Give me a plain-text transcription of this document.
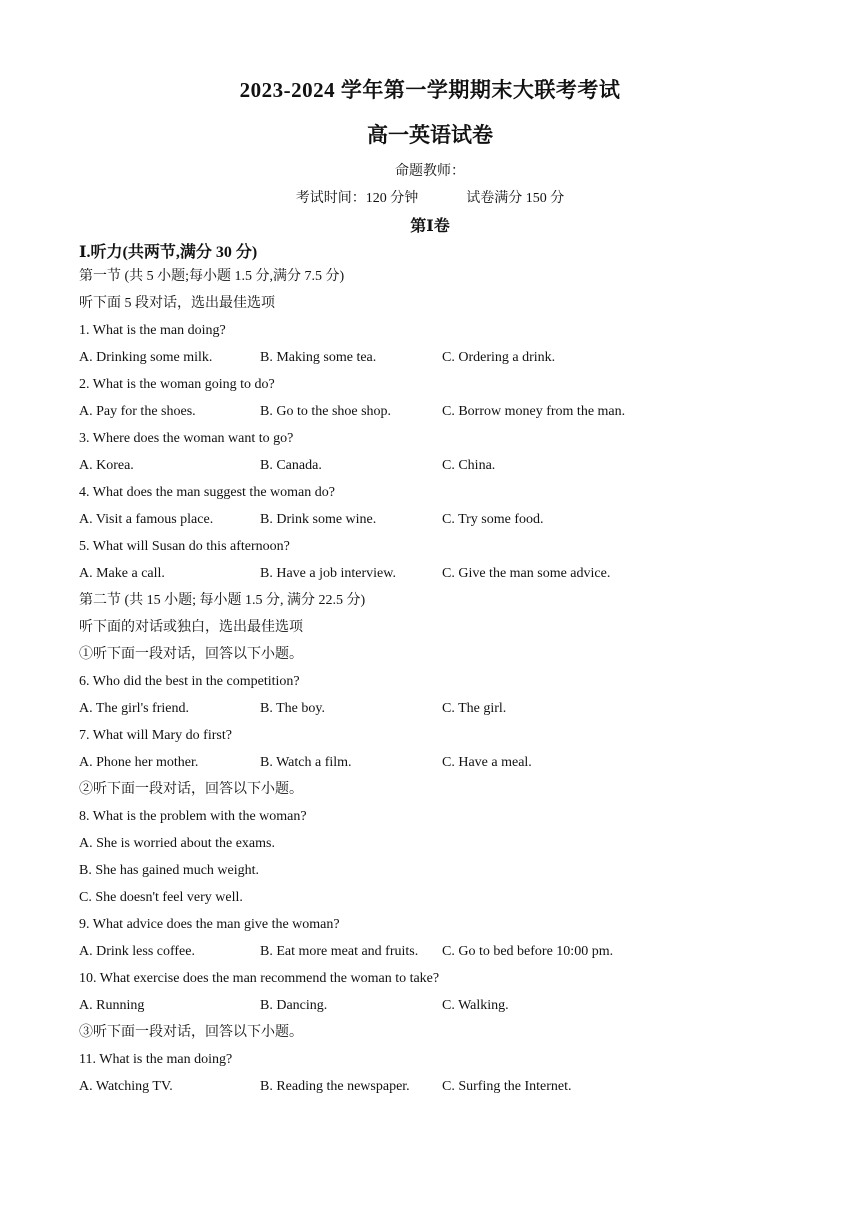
2023-2024 学年第一学期期末大联考考试
高一英语试卷
命题教师：
考试时间：120 分钟	试卷满分 150 分
第Ⅰ卷
Ⅰ.听力(共两节,满分 30 分)
第一节 (共 5 小题;每小题 1.5 分,满分 7.5 分)
听下面 5 段对话，选出最佳选项
1. What is the man doing?
A. Drinking some milk.	B. Making some tea.	C. Ordering a drink.
2. What is the woman going to do?
A. Pay for the shoes.	B. Go to the shoe shop.	C. Borrow money from the man.
3. Where does the woman want to go?
A. Korea.	B. Canada.	C. China.
4. What does the man suggest the woman do?
A. Visit a famous place.	B. Drink some wine.	C. Try some food.
5. What will Susan do this afternoon?
A. Make a call.	B. Have a job interview.	C. Give the man some advice.
第二节 (共 15 小题; 每小题 1.5 分, 满分 22.5 分)
听下面的对话或独白，选出最佳选项
①听下面一段对话，回答以下小题。
6. Who did the best in the competition?
A. The girl's friend.	B. The boy.	C. The girl.
7. What will Mary do first?
A. Phone her mother.	B. Watch a film.	C. Have a meal.
②听下面一段对话，回答以下小题。
8. What is the problem with the woman?
A. She is worried about the exams.
B. She has gained much weight.
C. She doesn't feel very well.
9. What advice does the man give the woman?
A. Drink less coffee.	B. Eat more meat and fruits. C. Go to bed before 10:00 pm.
10. What exercise does the man recommend the woman to take?
A. Running	B. Dancing.	C. Walking.
③听下面一段对话，回答以下小题。
11. What is the man doing?
A. Watching TV.	B. Reading the newspaper. C. Surfing the Internet.
